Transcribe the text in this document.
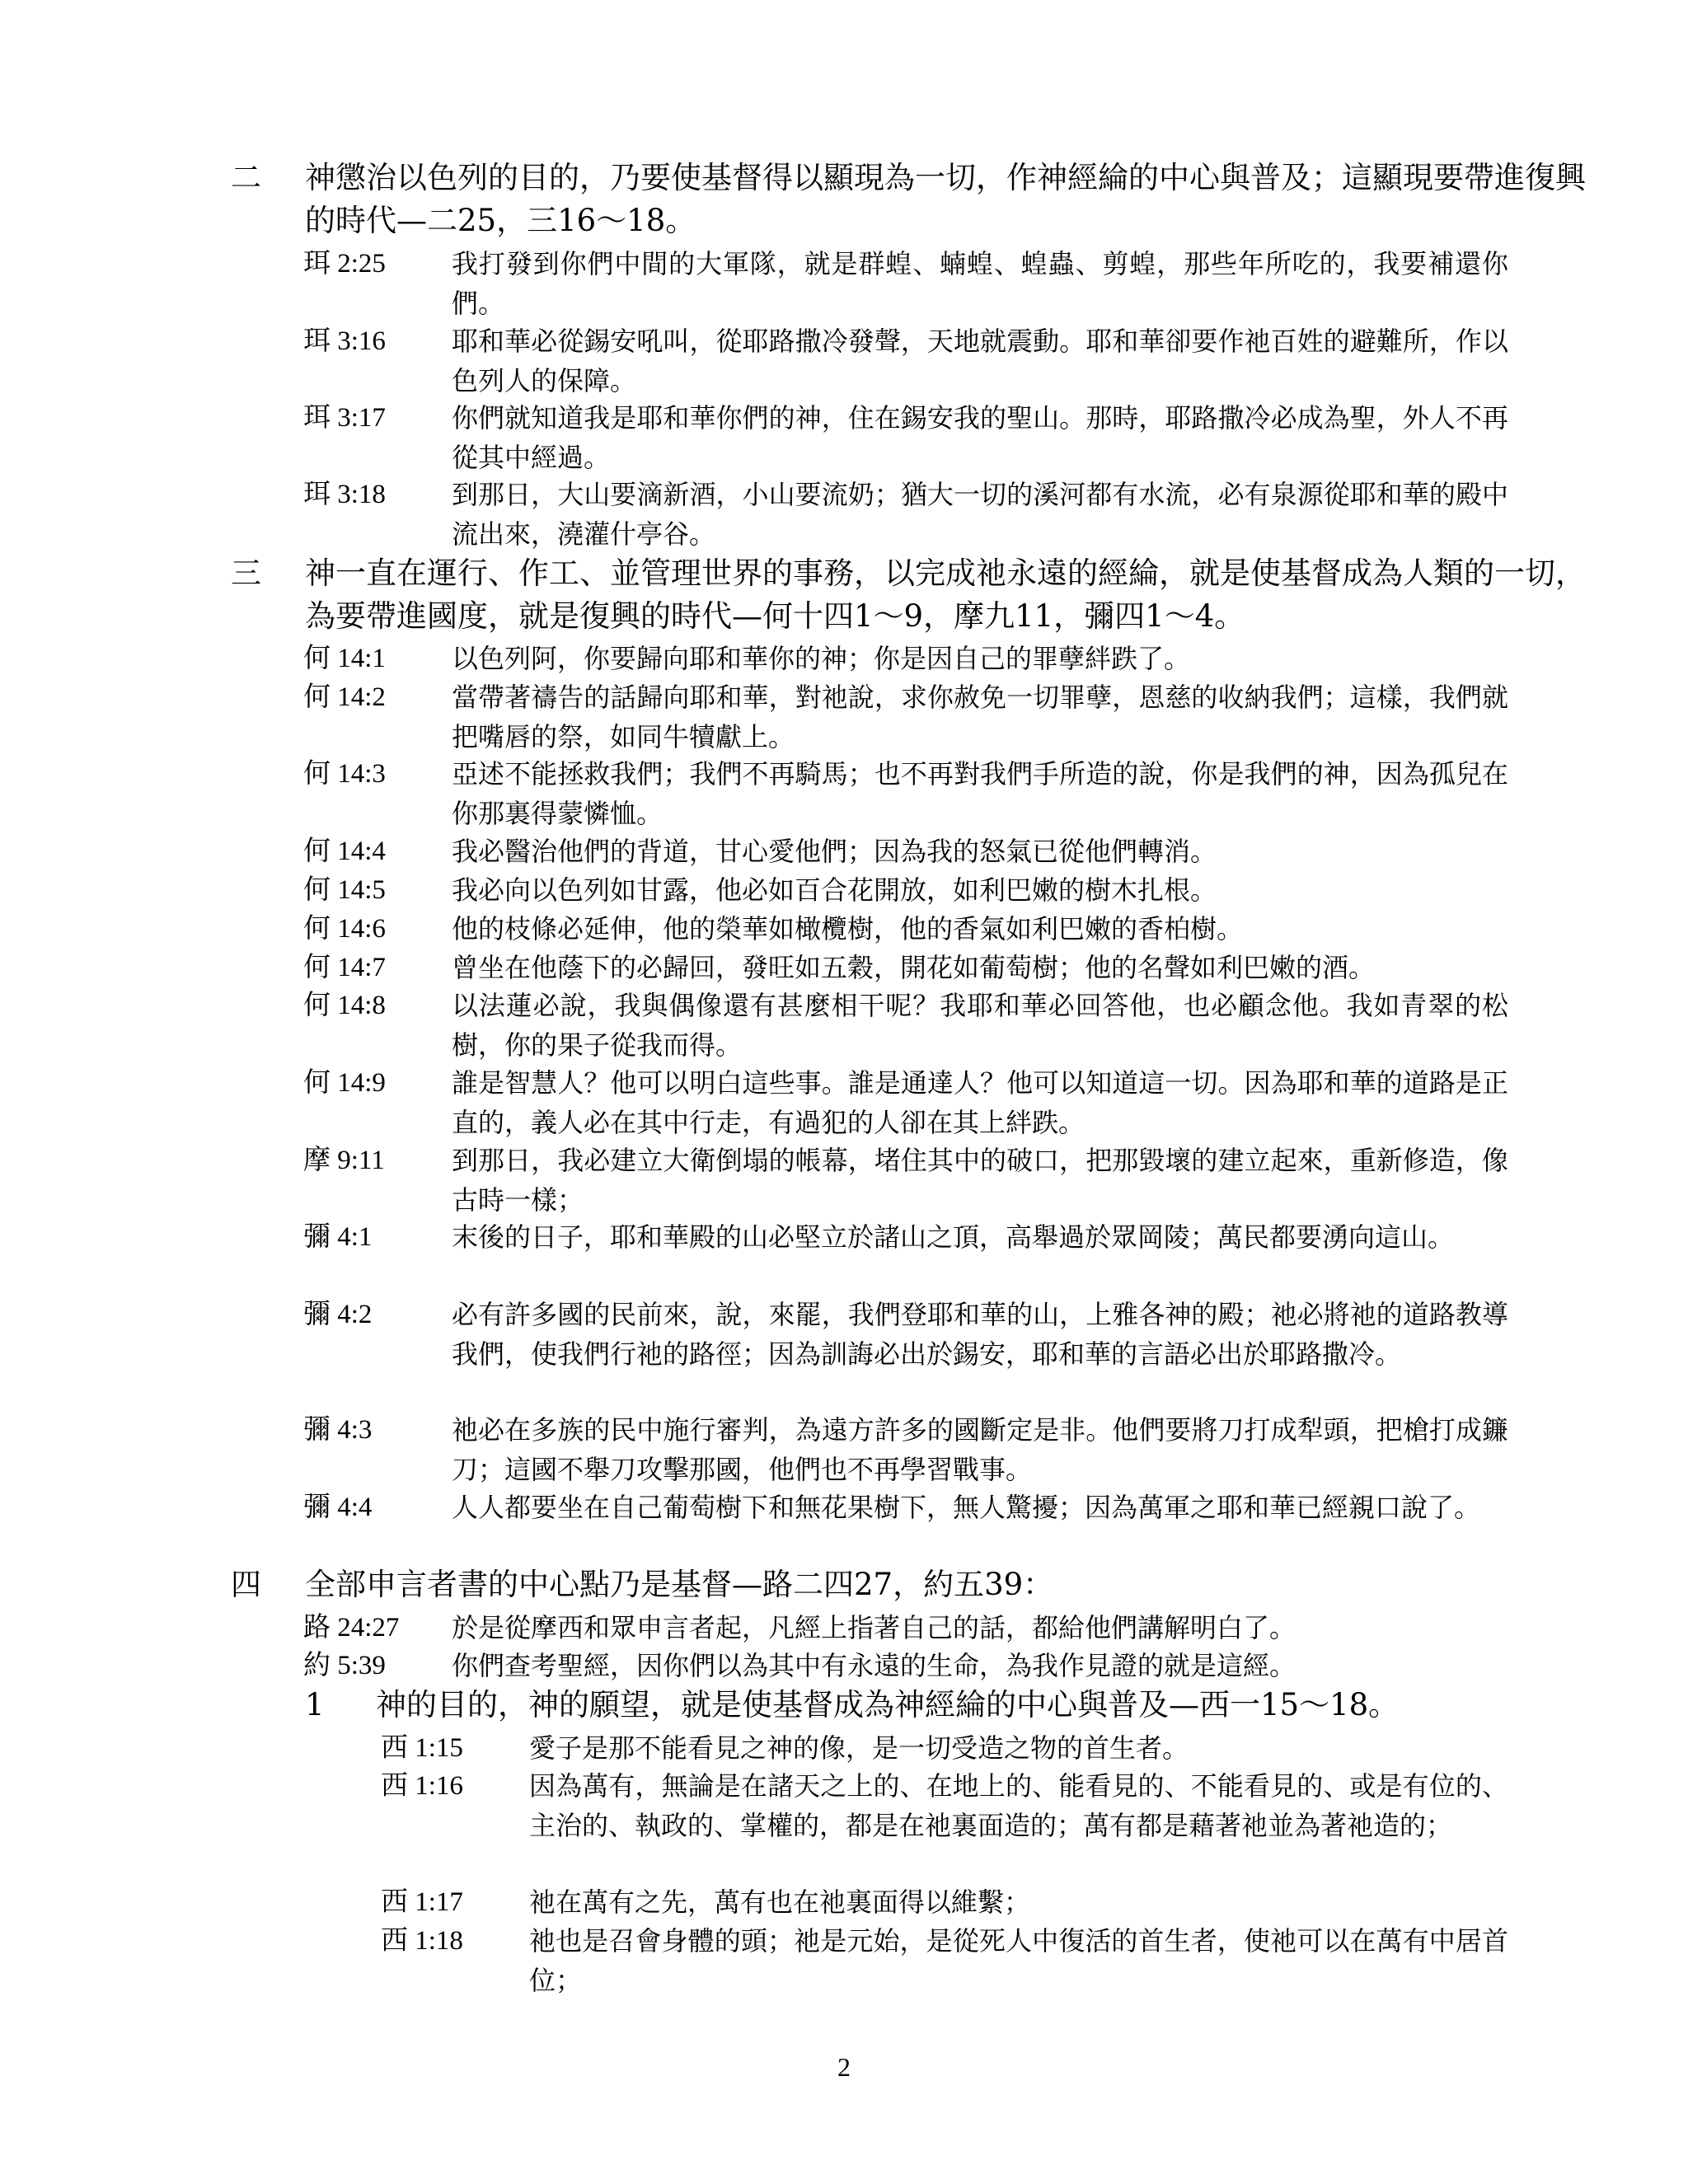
二 神懲治以色列的目的，乃要使基督得以顯現為一切，作神經綸的中心與普及；這顯現要帶進復興的時代—二25，三16～18。
珥 2:25	我打發到你們中間的大軍隊，就是群蝗、蝻蝗、蝗蟲、剪蝗，那些年所吃的，我要補還你們。
珥 3:16	耶和華必從錫安吼叫，從耶路撒冷發聲，天地就震動。耶和華卻要作祂百姓的避難所，作以色列人的保障。
珥 3:17	你們就知道我是耶和華你們的神，住在錫安我的聖山。那時，耶路撒冷必成為聖，外人不再從其中經過。
珥 3:18	到那日，大山要滴新酒，小山要流奶；猶大一切的溪河都有水流，必有泉源從耶和華的殿中流出來，澆灌什亭谷。
三 神一直在運行、作工、並管理世界的事務，以完成祂永遠的經綸，就是使基督成為人類的一切，為要帶進國度，就是復興的時代—何十四1～9，摩九11，彌四1～4。
何 14:1	以色列阿，你要歸向耶和華你的神；你是因自己的罪孽絆跌了。
何 14:2	當帶著禱告的話歸向耶和華，對祂說，求你赦免一切罪孽，恩慈的收納我們；這樣，我們就把嘴唇的祭，如同牛犢獻上。
何 14:3	亞述不能拯救我們；我們不再騎馬；也不再對我們手所造的說，你是我們的神，因為孤兒在你那裏得蒙憐恤。
何 14:4	我必醫治他們的背道，甘心愛他們；因為我的怒氣已從他們轉消。
何 14:5	我必向以色列如甘露，他必如百合花開放，如利巴嫩的樹木扎根。
何 14:6	他的枝條必延伸，他的榮華如橄欖樹，他的香氣如利巴嫩的香柏樹。
何 14:7	曾坐在他蔭下的必歸回，發旺如五穀，開花如葡萄樹；他的名聲如利巴嫩的酒。
何 14:8	以法蓮必說，我與偶像還有甚麼相干呢？我耶和華必回答他，也必顧念他。我如青翠的松樹，你的果子從我而得。
何 14:9	誰是智慧人？他可以明白這些事。誰是通達人？他可以知道這一切。因為耶和華的道路是正直的，義人必在其中行走，有過犯的人卻在其上絆跌。
摩 9:11	到那日，我必建立大衛倒塌的帳幕，堵住其中的破口，把那毀壞的建立起來，重新修造，像古時一樣；
彌 4:1	末後的日子，耶和華殿的山必堅立於諸山之頂，高舉過於眾岡陵；萬民都要湧向這山。
彌 4:2	必有許多國的民前來，說，來罷，我們登耶和華的山，上雅各神的殿；祂必將祂的道路教導我們，使我們行祂的路徑；因為訓誨必出於錫安，耶和華的言語必出於耶路撒冷。
彌 4:3	祂必在多族的民中施行審判，為遠方許多的國斷定是非。他們要將刀打成犁頭，把槍打成鐮刀；這國不舉刀攻擊那國，他們也不再學習戰事。
彌 4:4	人人都要坐在自己葡萄樹下和無花果樹下，無人驚擾；因為萬軍之耶和華已經親口說了。
四 全部申言者書的中心點乃是基督—路二四27，約五39：
路 24:27 於是從摩西和眾申言者起，凡經上指著自己的話，都給他們講解明白了。
約 5:39	你們查考聖經，因你們以為其中有永遠的生命，為我作見證的就是這經。
1 神的目的，神的願望，就是使基督成為神經綸的中心與普及—西一15～18。
西 1:15	愛子是那不能看見之神的像，是一切受造之物的首生者。
西 1:16	因為萬有，無論是在諸天之上的、在地上的、能看見的、不能看見的、或是有位的、主治的、執政的、掌權的，都是在祂裏面造的；萬有都是藉著祂並為著祂造的；
西 1:17	祂在萬有之先，萬有也在祂裏面得以維繫；
西 1:18	祂也是召會身體的頭；祂是元始，是從死人中復活的首生者，使祂可以在萬有中居首位；
2
